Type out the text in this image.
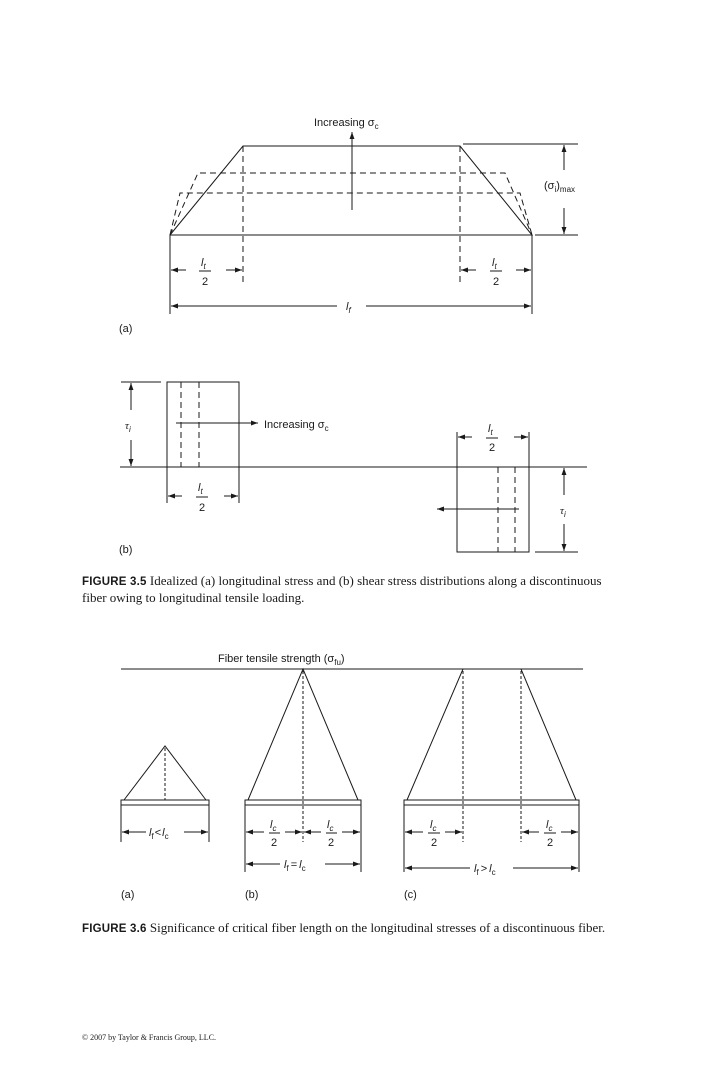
Increasing $\sigma_c$
$(\sigma_i)_{max}$
$l_t$
2
$l_t$
2
$l_f$
(a)
$\tau_i$	Increasing $\sigma_c$	$l_t$
2
$l_t$
2	$\tau_i$
(b)
Fiber tensile strength $(\sigma_{fu})$
$l_f<l_c$
(a)
$l_c$
2
$l_c$
2
$l_f = l_c$
(b)
$l_c$
2
$l_c$
2
$l_f > l_c$
(c)

FIGURE 3.5 Idealized (a) longitudinal stress and (b) shear stress distributions along a discontinuous fiber owing to longitudinal tensile loading.

FIGURE 3.6 Significance of critical fiber length on the longitudinal stresses of a discontinuous fiber.

© 2007 by Taylor & Francis Group, LLC.
